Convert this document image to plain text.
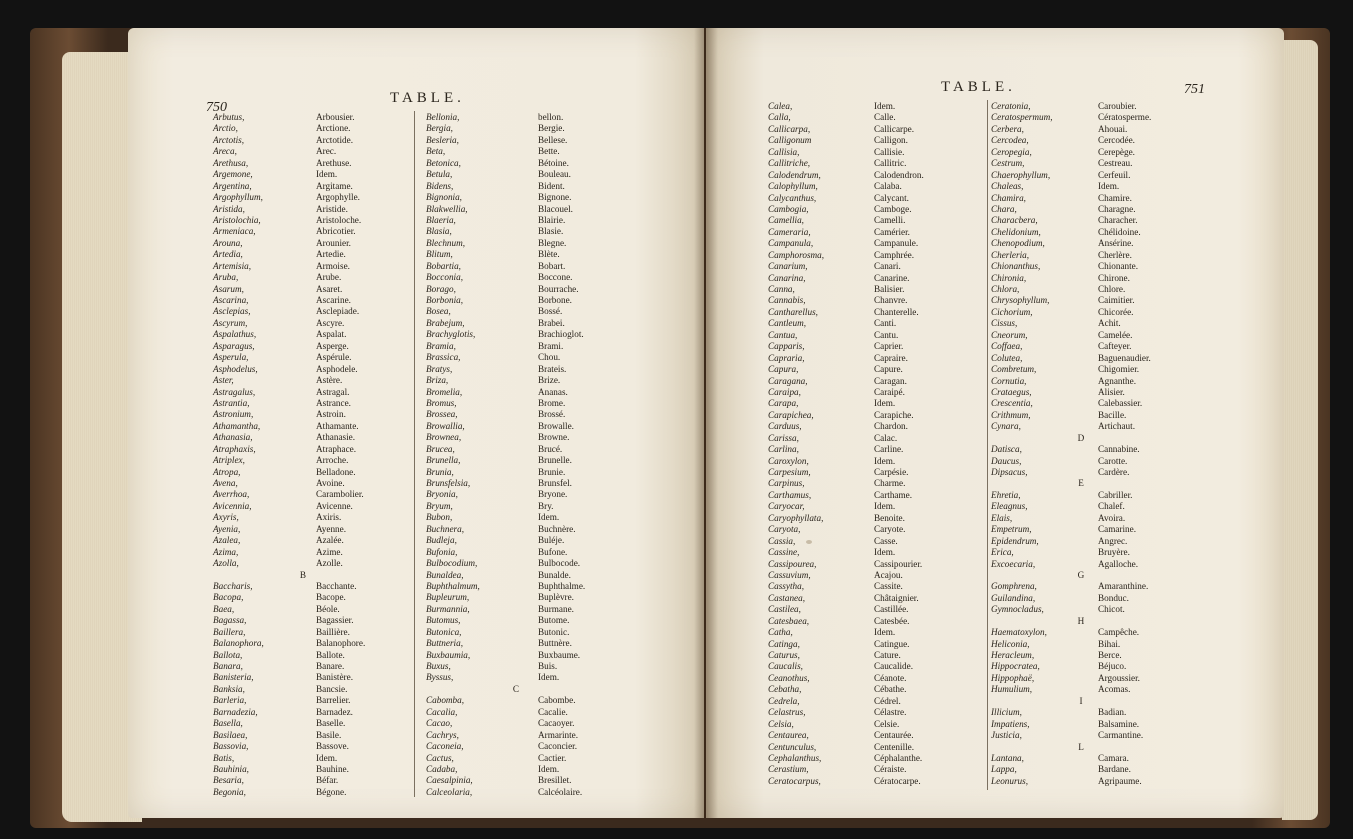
750
TABLE.
Arbutus,
Arctio,
Arctotis,
Areca,
Arethusa,
Argemone,
Argentina,
Argophyllum,
Aristida,
Aristolochia,
Armeniaca,
Arouna,
Artedia,
Artemisia,
Aruba,
Asarum,
Ascarina,
Asclepias,
Ascyrum,
Aspalathus,
Asparagus,
Asperula,
Asphodelus,
Aster,
Astragalus,
Astrantia,
Astronium,
Athamantha,
Athanasia,
Atraphaxis,
Atriplex,
Atropa,
Avena,
Averrhoa,
Avicennia,
Axyris,
Ayenia,
Azalea,
Azima,
Azolla,
B
Baccharis,
Bacopa,
Baea,
Bagassa,
Baillera,
Balanophora,
Ballota,
Banara,
Banisteria,
Banksia,
Barleria,
Barnadezia,
Basella,
Basilaea,
Bassovia,
Batis,
Bauhinia,
Besaria,
Begonia,
Arbousier.
Arctione.
Arctotide.
Arec.
Arethuse.
Idem.
Argitame.
Argophylle.
Aristide.
Aristoloche.
Abricotier.
Arounier.
Artedie.
Armoise.
Arube.
Asaret.
Ascarine.
Asclepiade.
Ascyre.
Aspalat.
Asperge.
Aspérule.
Asphodele.
Astère.
Astragal.
Astrance.
Astroin.
Athamante.
Athanasie.
Atraphace.
Arroche.
Belladone.
Avoine.
Carambolier.
Avicenne.
Axiris.
Ayenne.
Azalée.
Azime.
Azolle.
Bacchante.
Bacope.
Béole.
Bagassier.
Baillière.
Balanophore.
Ballote.
Banare.
Banistère.
Bancsie.
Barrelier.
Barnadez.
Baselle.
Basile.
Bassove.
Idem.
Bauhine.
Béfar.
Bégone.
Bellonia,
Bergia,
Besleria,
Beta,
Betonica,
Betula,
Bidens,
Bignonia,
Blakwellia,
Blaeria,
Blasia,
Blechnum,
Blitum,
Bobartia,
Bocconia,
Borago,
Borbonia,
Bosea,
Brabejum,
Brachyglotis,
Bramia,
Brassica,
Bratys,
Briza,
Bromelia,
Bromus,
Brossea,
Browallia,
Brownea,
Brucea,
Brunella,
Brunia,
Brunsfelsia,
Bryonia,
Bryum,
Bubon,
Buchnera,
Budleja,
Bufonia,
Bulbocodium,
Bunaldea,
Buphthalmum,
Bupleurum,
Burmannia,
Butomus,
Butonica,
Buttneria,
Buxbaumia,
Buxus,
Byssus,
C
Cabomba,
Cacalia,
Cacao,
Cachrys,
Caconeia,
Cactus,
Cadaba,
Caesalpinia,
Calceolaria,
bellon.
Bergie.
Bellese.
Bette.
Bétoine.
Bouleau.
Bident.
Bignone.
Blacouel.
Blairie.
Blasie.
Blegne.
Blète.
Bobart.
Boccone.
Bourrache.
Borbone.
Bossé.
Brabei.
Brachioglot.
Brami.
Chou.
Brateis.
Brize.
Ananas.
Brome.
Brossé.
Browalle.
Browne.
Brucé.
Brunelle.
Brunie.
Brunsfel.
Bryone.
Bry.
Idem.
Buchnère.
Buléje.
Bufone.
Bulbocode.
Bunalde.
Buphthalme.
Buplèvre.
Burmane.
Butome.
Butonic.
Buttnère.
Buxbaume.
Buis.
Idem.
Cabombe.
Cacalie.
Cacaoyer.
Armarinte.
Caconcier.
Cactier.
Idem.
Bresillet.
Calcéolaire.
TABLE.	751
Calea,
Calla,
Callicarpa,
Calligonum
Callisia,
Callitriche,
Calodendrum,
Calophyllum,
Calycanthus,
Cambogia,
Camellia,
Cameraria,
Campanula,
Camphorosma,
Canarium,
Canarina,
Canna,
Cannabis,
Cantharellus,
Cantleum,
Cantua,
Capparis,
Capraria,
Capura,
Caragana,
Caraipa,
Carapa,
Carapichea,
Carduus,
Carissa,
Carlina,
Caroxylon,
Carpesium,
Carpinus,
Carthamus,
Caryocar,
Caryophyllata,
Caryota,
Cassia,
Cassine,
Cassipourea,
Cassuvium,
Cassytha,
Castanea,
Castilea,
Catesbaea,
Catha,
Catinga,
Caturus,
Caucalis,
Ceanothus,
Cebatha,
Cedrela,
Celastrus,
Celsia,
Centaurea,
Centunculus,
Cephalanthus,
Cerastium,
Ceratocarpus,
Idem.
Calle.
Callicarpe.
Calligon.
Callisie.
Callitric.
Calodendron.
Calaba.
Calycant.
Camboge.
Camelli.
Camérier.
Campanule.
Camphrée.
Canari.
Canarine.
Balisier.
Chanvre.
Chanterelle.
Canti.
Cantu.
Caprier.
Capraire.
Capure.
Caragan.
Caraipé.
Idem.
Carapiche.
Chardon.
Calac.
Carline.
Idem.
Carpésie.
Charme.
Carthame.
Idem.
Benoite.
Caryote.
Casse.
Idem.
Cassipourier.
Acajou.
Cassite.
Châtaignier.
Castillée.
Catesbée.
Idem.
Catingue.
Cature.
Caucalide.
Céanote.
Cébathe.
Cédrel.
Célastre.
Celsie.
Centaurée.
Centenille.
Céphalanthe.
Céraiste.
Cératocarpe.
Ceratonia,
Ceratospermum,
Cerbera,
Cercodea,
Ceropegia,
Cestrum,
Chaerophyllum,
Chaleas,
Chamira,
Chara,
Characbera,
Chelidonium,
Chenopodium,
Cherleria,
Chionanthus,
Chironia,
Chlora,
Chrysophyllum,
Cichorium,
Cissus,
Cneorum,
Coffaea,
Colutea,
Combretum,
Cornutia,
Crataegus,
Crescentia,
Crithmum,
Cynara,
D
Datisca,
Daucus,
Dipsacus,
E
Ehretia,
Eleagnus,
Elais,
Empetrum,
Epidendrum,
Erica,
Excoecaria,
G
Gomphrena,
Guilandina,
Gymnocladus,
H
Haematoxylon,
Heliconia,
Heracleum,
Hippocratea,
Hippophaë,
Humulium,
I
Illicium,
Impatiens,
Justicia,
L
Lantana,
Lappa,
Leonurus,
Caroubier.
Cératosperme.
Ahouai.
Cercodée.
Cerepège.
Cestreau.
Cerfeuil.
Idem.
Chamire.
Charagne.
Characher.
Chélidoine.
Ansérine.
Cherlère.
Chionante.
Chirone.
Chlore.
Caimitier.
Chicorée.
Achit.
Camelée.
Cafteyer.
Baguenaudier.
Chigomier.
Agnanthe.
Alisier.
Calebassier.
Bacille.
Artichaut.
Cannabine.
Carotte.
Cardère.
Cabriller.
Chalef.
Avoira.
Camarine.
Angrec.
Bruyère.
Agalloche.
Amaranthine.
Bonduc.
Chicot.
Campêche.
Bihai.
Berce.
Béjuco.
Argoussier.
Acomas.
Badian.
Balsamine.
Carmantine.
Camara.
Bardane.
Agripaume.
